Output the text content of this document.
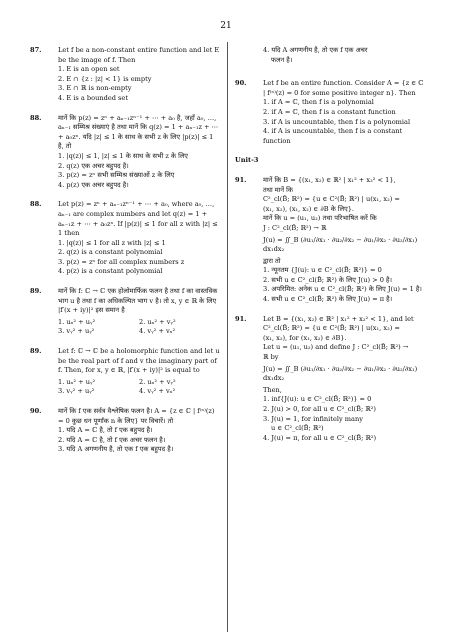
21
87.	Let f be a non-constant entire function and let E be the image of f. Then
1. E is an open set
2. E ∩ {z : |z| < 1} is empty
3. E ∩ ℝ is non-empty
4. E is a bounded set
88.	मानें कि p(z) = zⁿ + aₙ₋₁zⁿ⁻¹ + ⋯ + a₀ है, जहाँ a₀, …, aₙ₋₁ सम्मिश्र संख्याएं है तथा मानें कि q(z) = 1 + aₙ₋₁z + ⋯ + a₀zⁿ. यदि |z| ≤ 1 के साथ के सभी z के लिए |p(z)| ≤ 1 है, तो
1. |q(z)| ≤ 1, |z| ≤ 1 के साथ के सभी z के लिए
2. q(z) एक अचर बहुपद है।
3. p(z) = zⁿ सभी सम्मिश्र संख्याओं z के लिए
4. p(z) एक अचर बहुपद है।
88.	Let p(z) = zⁿ + aₙ₋₁zⁿ⁻¹ + ⋯ + a₀, where a₀, …, aₙ₋₁ are complex numbers and let q(z) = 1 + aₙ₋₁z + ⋯ + a₀zⁿ. If |p(z)| ≤ 1 for all z with |z| ≤ 1 then
1. |q(z)| ≤ 1 for all z with |z| ≤ 1
2. q(z) is a constant polynomial
3. p(z) = zⁿ for all complex numbers z
4. p(z) is a constant polynomial
89.	मानें कि f: ℂ → ℂ एक होलोमार्फिक फलन है तथा f का वास्तविक भाग u है तथा f का अधिकल्पित भाग v है। तो x, y ∈ ℝ के लिए |f′(x + iy)|² इस समान है
1. uₓ² + uᵧ²	2. uₓ² + vᵧ²
3. vᵧ² + uᵧ²	4. vᵧ² + vₓ²
89.	Let f: ℂ → ℂ be a holomorphic function and let u be the real part of f and v the imaginary part of f. Then, for x, y ∈ ℝ, |f′(x + iy)|² is equal to
1. uₓ² + uᵧ²	2. uₓ² + vᵧ²
3. vᵧ² + uᵧ²	4. vᵧ² + vₓ²
90.	मानें कि f एक सर्वत्र वैश्लेषिक फलन है। A = {z ∈ ℂ | f⁽ⁿ⁾(z) = 0 कुछ धन पूर्णांक n के लिए} पर विचारें। तो
1. यदि A = ℂ है, तो f एक बहुपद है।
2. यदि A = ℂ है, तो f एक अचर फलन है।
3. यदि A अगणनीय है, तो एक f एक बहुपद है।
4. यदि A अगणनीय है, तो एक f एक अचर
फलन है।
90.	Let f be an entire function. Consider A = {z ∈ ℂ | f⁽ⁿ⁾(z) = 0 for some positive integer n}. Then
1. if A = ℂ, then f is a polynomial
2. if A = ℂ, then f is a constant function
3. if A is uncountable, then f is a polynomial
4. if A is uncountable, then f is a constant function
Unit-3
91.	मानें कि B = {(x₁, x₂) ∈ ℝ² | x₁² + x₂² < 1},
तथा मानें कि
C²_cl(B̄; ℝ²) = {u ∈ C²(B̄; ℝ²) | u(x₁, x₂) =
(x₁, x₂), (x₁, x₂) ∈ ∂B के लिए}.
मानें कि u = (u₁, u₂) तथा परिभाषित करें कि
J : C²_cl(B̄; ℝ²) → ℝ
J(u) = ∬_B (∂u₁/∂x₁ · ∂u₂/∂x₂ − ∂u₁/∂x₂ · ∂u₂/∂x₁) dx₁dx₂
द्वारा तो
1. न्यूनतम {J(u): u ∈ C²_cl(B̄; ℝ²)} = 0
2. सभी u ∈ C²_cl(B̄; ℝ²) के लिए J(u) > 0 है।
3. अपरिमित: अनेक u ∈ C²_cl(B̄; ℝ²) के लिए J(u) = 1 है।
4. सभी u ∈ C²_cl(B̄; ℝ²) के लिए J(u) = π है।
91.	Let B = {(x₁, x₂) ∈ ℝ² | x₁² + x₂² < 1}, and let
C²_cl(B̄; ℝ²) = {u ∈ C²(B̄; ℝ²) | u(x₁, x₂) =
(x₁, x₂), for (x₁, x₂) ∈ ∂B}.
Let u = (u₁, u₂) and define J : C²_cl(B̄; ℝ²) →
ℝ by
J(u) = ∬_B (∂u₁/∂x₁ · ∂u₂/∂x₂ − ∂u₁/∂x₂ · ∂u₂/∂x₁) dx₁dx₂
Then,
1. inf{J(u): u ∈ C²_cl(B̄; ℝ²)} = 0
2. J(u) > 0, for all u ∈ C²_cl(B̄; ℝ²)
3. J(u) = 1, for infinitely many
u ∈ C²_cl(B̄; ℝ²)
4. J(u) = π, for all u ∈ C²_cl(B̄; ℝ²)
